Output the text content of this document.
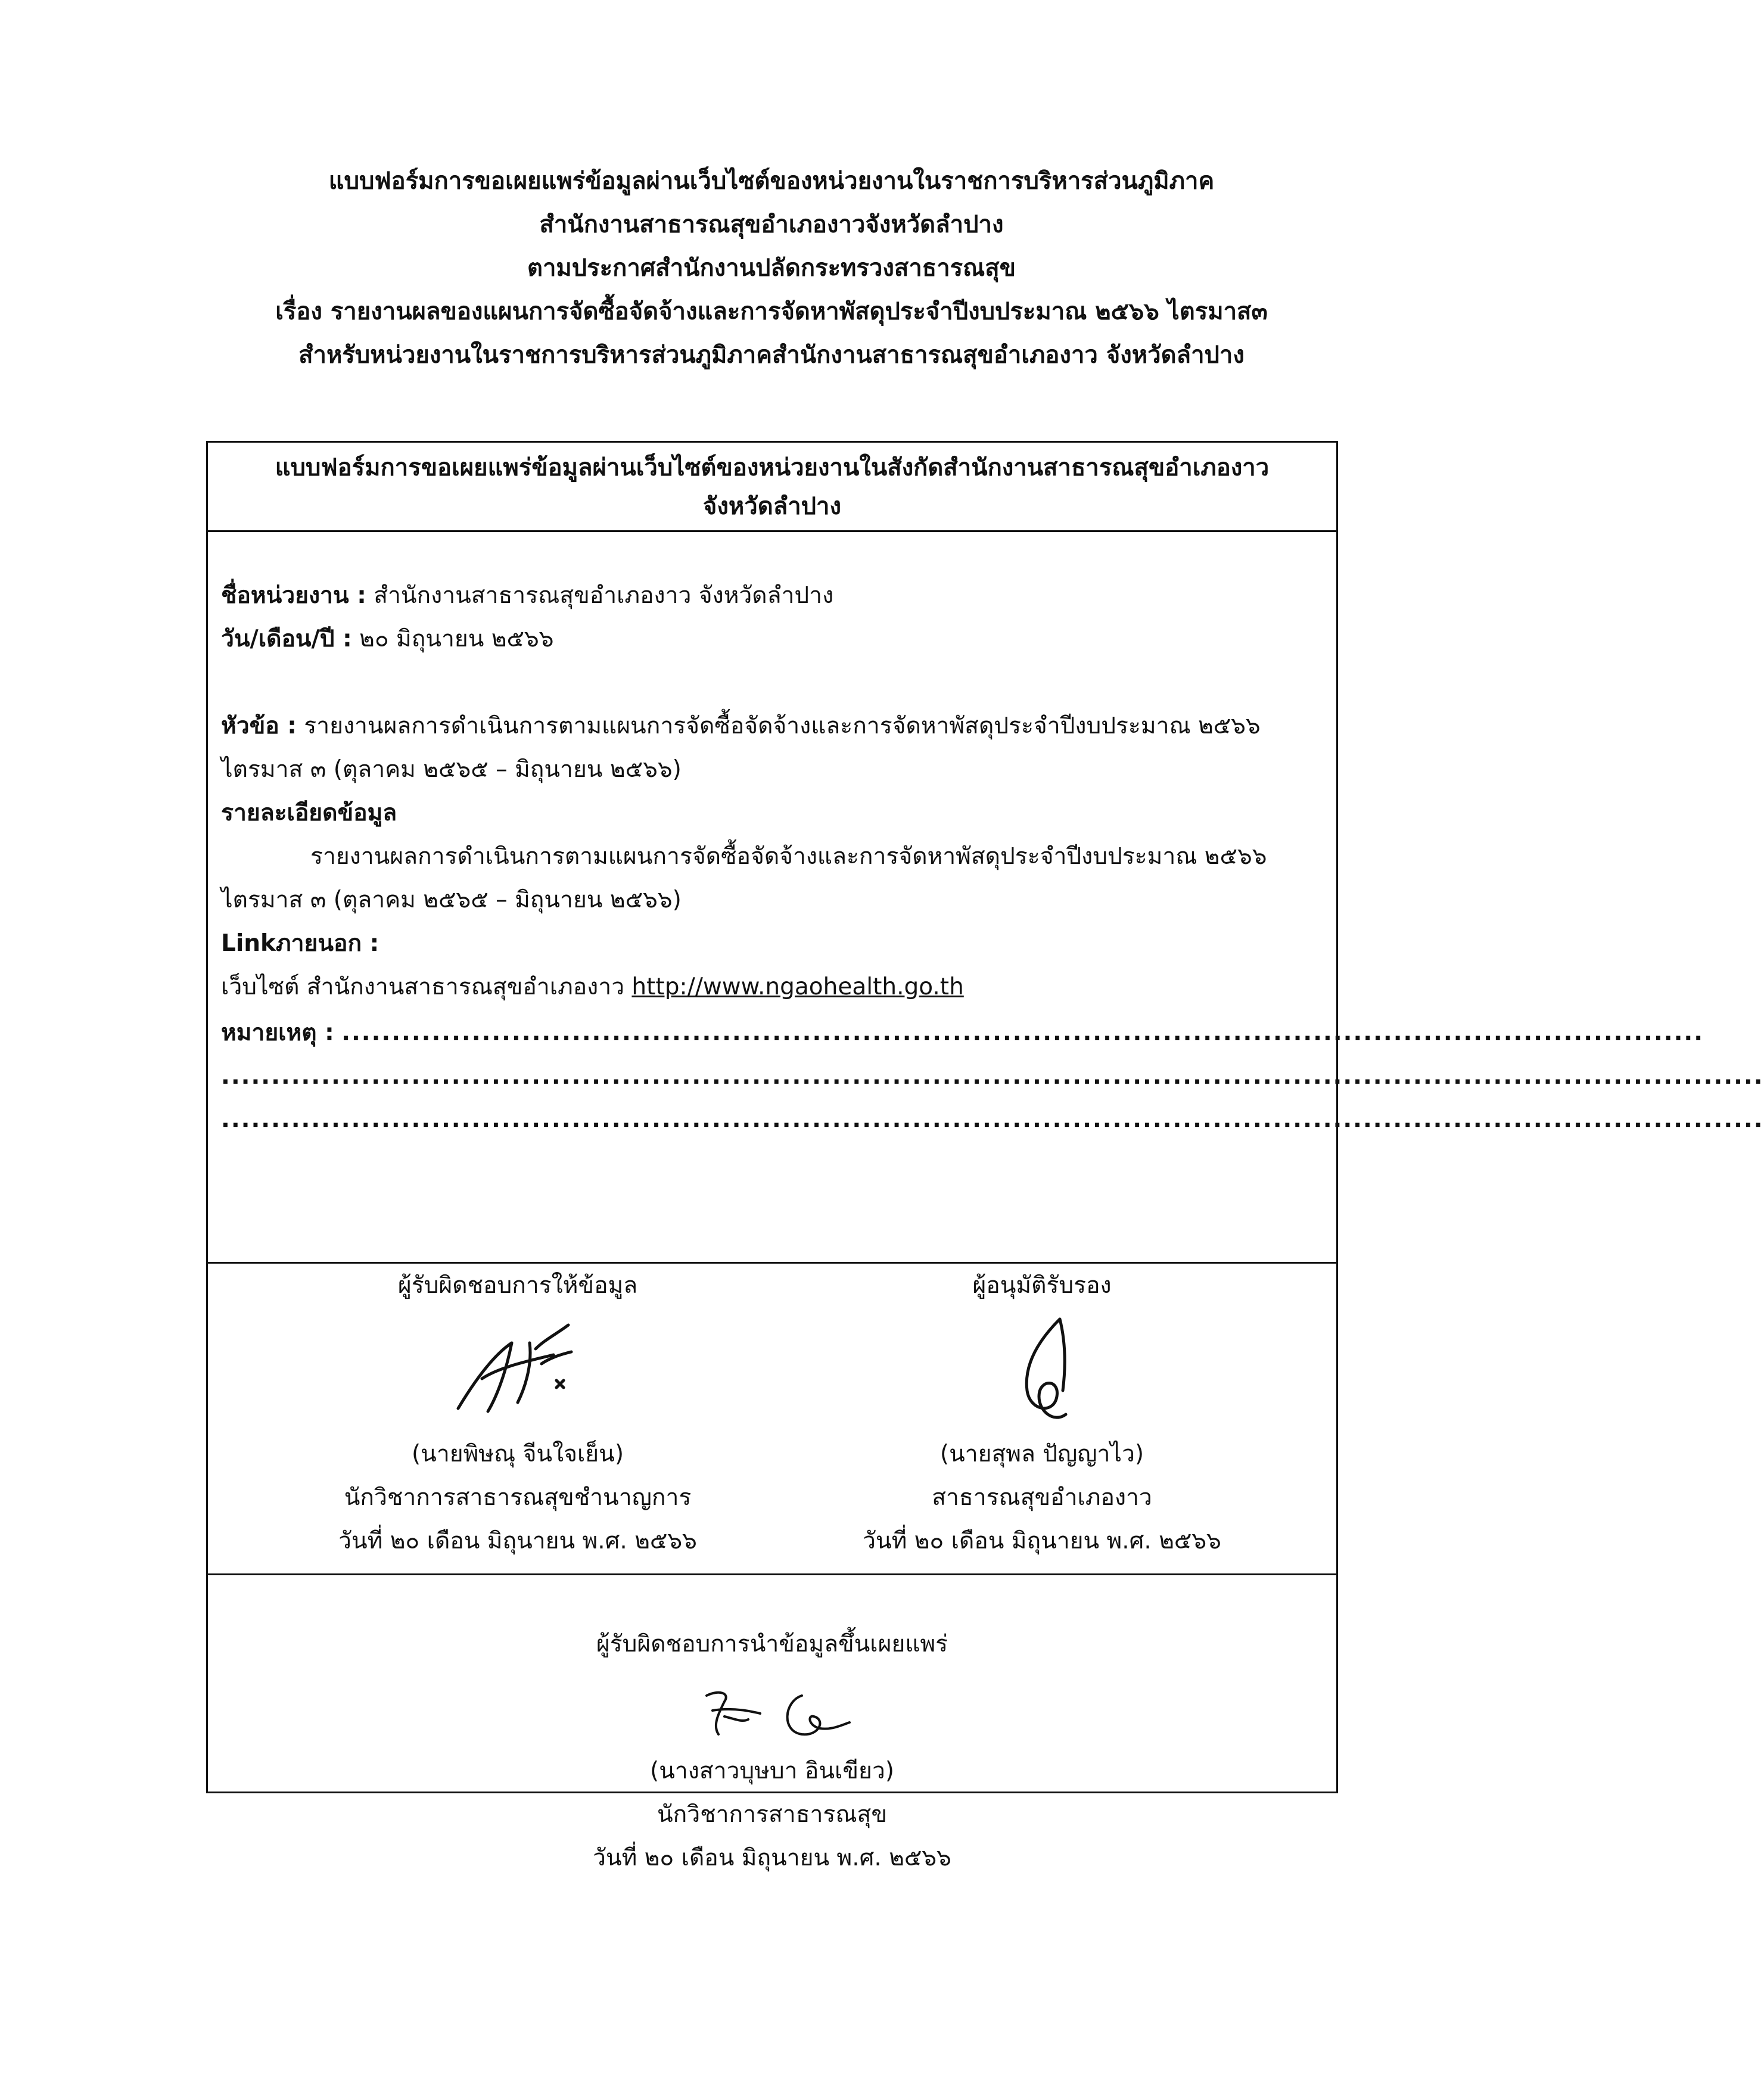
แบบฟอร์มการขอเผยแพร่ข้อมูลผ่านเว็บไซต์ของหน่วยงานในราชการบริหารส่วนภูมิภาค
สำนักงานสาธารณสุขอำเภองาวจังหวัดลำปาง
ตามประกาศสำนักงานปลัดกระทรวงสาธารณสุข
เรื่อง รายงานผลของแผนการจัดซื้อจัดจ้างและการจัดหาพัสดุประจำปีงบประมาณ ๒๕๖๖ ไตรมาส๓
สำหรับหน่วยงานในราชการบริหารส่วนภูมิภาคสำนักงานสาธารณสุขอำเภองาว จังหวัดลำปาง
แบบฟอร์มการขอเผยแพร่ข้อมูลผ่านเว็บไซต์ของหน่วยงานในสังกัดสำนักงานสาธารณสุขอำเภองาว
จังหวัดลำปาง
ชื่อหน่วยงาน : สำนักงานสาธารณสุขอำเภองาว จังหวัดลำปาง
วัน/เดือน/ปี : ๒๐ มิถุนายน ๒๕๖๖
หัวข้อ : รายงานผลการดำเนินการตามแผนการจัดซื้อจัดจ้างและการจัดหาพัสดุประจำปีงบประมาณ ๒๕๖๖
ไตรมาส ๓ (ตุลาคม ๒๕๖๕ – มิถุนายน ๒๕๖๖)
รายละเอียดข้อมูล
รายงานผลการดำเนินการตามแผนการจัดซื้อจัดจ้างและการจัดหาพัสดุประจำปีงบประมาณ ๒๕๖๖
ไตรมาส ๓ (ตุลาคม ๒๕๖๕ – มิถุนายน ๒๕๖๖)
Linkภายนอก :
เว็บไซต์ สำนักงานสาธารณสุขอำเภองาว http://www.ngaohealth.go.th
หมายเหตุ : ........................................................................................................................................
..........................................................................................................................................................
..........................................................................................................................................................
ผู้รับผิดชอบการให้ข้อมูล
(นายพิษณุ จีนใจเย็น)
นักวิชาการสาธารณสุขชำนาญการ
วันที่ ๒๐ เดือน มิถุนายน พ.ศ. ๒๕๖๖
ผู้อนุมัติรับรอง
(นายสุพล ปัญญาไว)
สาธารณสุขอำเภองาว
วันที่ ๒๐ เดือน มิถุนายน พ.ศ. ๒๕๖๖
ผู้รับผิดชอบการนำข้อมูลขึ้นเผยแพร่
(นางสาวบุษบา อินเขียว)
นักวิชาการสาธารณสุข
วันที่ ๒๐ เดือน มิถุนายน พ.ศ. ๒๕๖๖
